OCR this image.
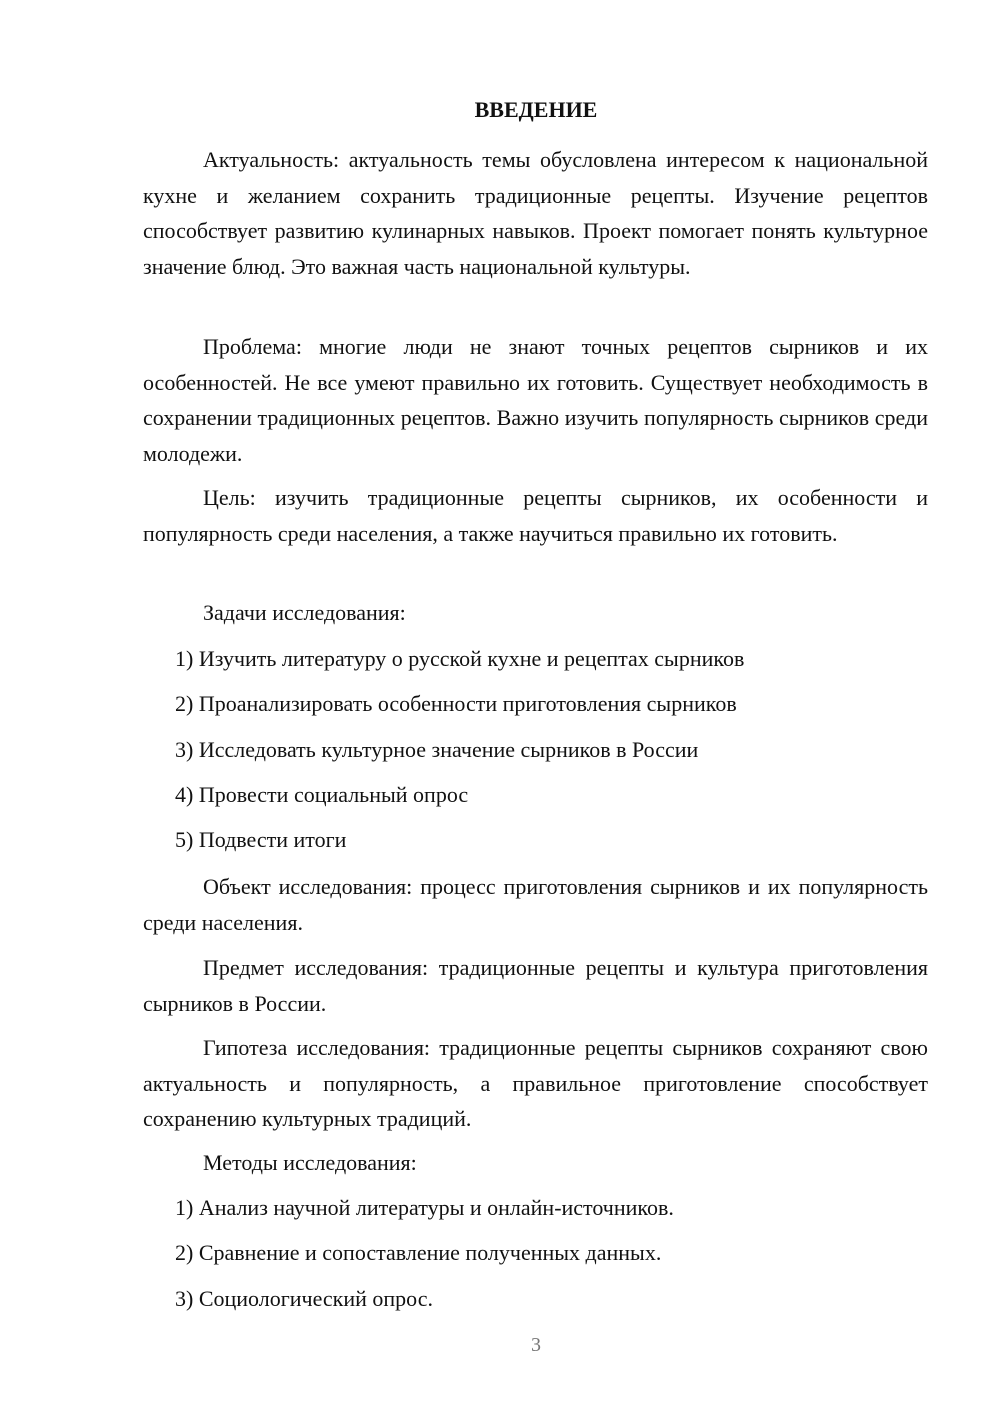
ВВЕДЕНИЕ
Актуальность: актуальность темы обусловлена интересом к национальной кухне и желанием сохранить традиционные рецепты. Изучение рецептов способствует развитию кулинарных навыков. Проект помогает понять культурное значение блюд. Это важная часть национальной культуры.
Проблема: многие люди не знают точных рецептов сырников и их особенностей. Не все умеют правильно их готовить. Существует необходимость в сохранении традиционных рецептов. Важно изучить популярность сырников среди молодежи.
Цель: изучить традиционные рецепты сырников, их особенности и популярность среди населения, а также научиться правильно их готовить.
Задачи исследования:
1) Изучить литературу о русской кухне и рецептах сырников
2) Проанализировать особенности приготовления сырников
3) Исследовать культурное значение сырников в России
4) Провести социальный опрос
5) Подвести итоги
Объект исследования: процесс приготовления сырников и их популярность среди населения.
Предмет исследования: традиционные рецепты и культура приготовления сырников в России.
Гипотеза исследования: традиционные рецепты сырников сохраняют свою актуальность и популярность, а правильное приготовление способствует сохранению культурных традиций.
Методы исследования:
1) Анализ научной литературы и онлайн-источников.
2) Сравнение и сопоставление полученных данных.
3) Социологический опрос.
3
